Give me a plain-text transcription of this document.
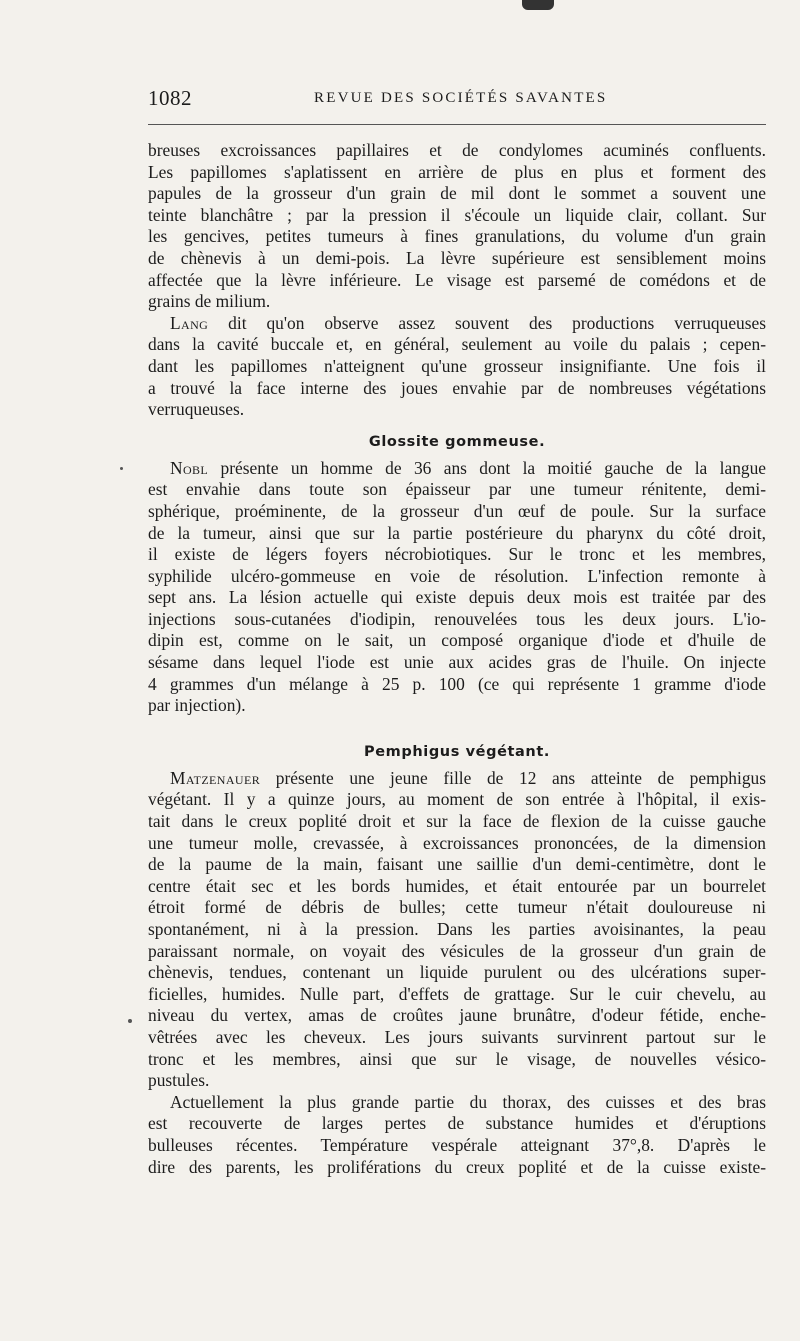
1082	REVUE DES SOCIÉTÉS SAVANTES
breuses excroissances papillaires et de condylomes acuminés confluents.
Les papillomes s'aplatissent en arrière de plus en plus et forment des
papules de la grosseur d'un grain de mil dont le sommet a souvent une
teinte blanchâtre ; par la pression il s'écoule un liquide clair, collant. Sur
les gencives, petites tumeurs à fines granulations, du volume d'un grain
de chènevis à un demi-pois. La lèvre supérieure est sensiblement moins
affectée que la lèvre inférieure. Le visage est parsemé de comédons et de
grains de milium.
Lang dit qu'on observe assez souvent des productions verruqueuses
dans la cavité buccale et, en général, seulement au voile du palais ; cepen-
dant les papillomes n'atteignent qu'une grosseur insignifiante. Une fois il
a trouvé la face interne des joues envahie par de nombreuses végétations
verruqueuses.
Glossite gommeuse.
Nobl présente un homme de 36 ans dont la moitié gauche de la langue
est envahie dans toute son épaisseur par une tumeur rénitente, demi-
sphérique, proéminente, de la grosseur d'un œuf de poule. Sur la surface
de la tumeur, ainsi que sur la partie postérieure du pharynx du côté droit,
il existe de légers foyers nécrobiotiques. Sur le tronc et les membres,
syphilide ulcéro-gommeuse en voie de résolution. L'infection remonte à
sept ans. La lésion actuelle qui existe depuis deux mois est traitée par des
injections sous-cutanées d'iodipin, renouvelées tous les deux jours. L'io-
dipin est, comme on le sait, un composé organique d'iode et d'huile de
sésame dans lequel l'iode est unie aux acides gras de l'huile. On injecte
4 grammes d'un mélange à 25 p. 100 (ce qui représente 1 gramme d'iode
par injection).
Pemphigus végétant.
Matzenauer présente une jeune fille de 12 ans atteinte de pemphigus
végétant. Il y a quinze jours, au moment de son entrée à l'hôpital, il exis-
tait dans le creux poplité droit et sur la face de flexion de la cuisse gauche
une tumeur molle, crevassée, à excroissances prononcées, de la dimension
de la paume de la main, faisant une saillie d'un demi-centimètre, dont le
centre était sec et les bords humides, et était entourée par un bourrelet
étroit formé de débris de bulles; cette tumeur n'était douloureuse ni
spontanément, ni à la pression. Dans les parties avoisinantes, la peau
paraissant normale, on voyait des vésicules de la grosseur d'un grain de
chènevis, tendues, contenant un liquide purulent ou des ulcérations super-
ficielles, humides. Nulle part, d'effets de grattage. Sur le cuir chevelu, au
niveau du vertex, amas de croûtes jaune brunâtre, d'odeur fétide, enche-
vêtrées avec les cheveux. Les jours suivants survinrent partout sur le
tronc et les membres, ainsi que sur le visage, de nouvelles vésico-
pustules.
Actuellement la plus grande partie du thorax, des cuisses et des bras
est recouverte de larges pertes de substance humides et d'éruptions
bulleuses récentes. Température vespérale atteignant 37°,8. D'après le
dire des parents, les proliférations du creux poplité et de la cuisse existe-
